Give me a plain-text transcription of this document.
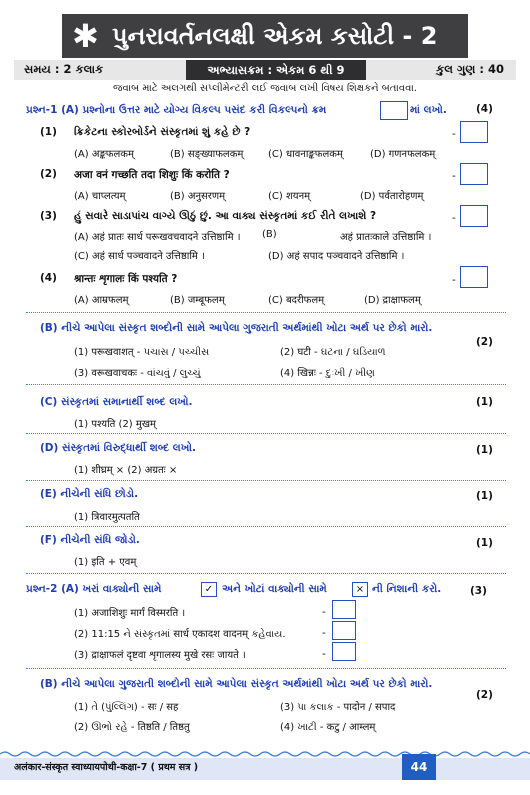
✱ પુનરાવર્તનલક્ષી એકમ કસોટી - 2
સમય : 2 કલાક	અભ્યાસક્રમ : એકમ 6 થી 9	કુલ ગુણ : 40
જવાબ માટે અલગથી સપ્લીમેન્ટરી લઈ જવાબ લખી વિષય શિક્ષકને બતાવવા.
પ્રશ્ન-1 (A) પ્રશ્નોના ઉત્તર માટે યોગ્ય વિકલ્પ પસંદ કરી વિકલ્પનો ક્રમ	માં લખો.	(4)
(1) ક્રિકેટના સ્કોરબોર્ડને સંસ્કૃતમાં શું કહે છે ?
(A) अङ्कफलकम्	(B) सङ्ख्याफलकम् (C) धावनाङ्कफलकम्	(D) गणनफलकम्
-
(2) अजा वनं गच्छति तदा शिशुः किं करोति ?
(A) चाप्लत्यम्	(B) अनुसरणम्	(C) शयनम्	(D) पर्वतारोहणम्
-
(3) હું સવારે સાડાપાંચ વાગ્યે ઊઠું છું. આ વાક્ય સંસ્કૃતમાં કઈ રીતે લખાશે ?
(A) अहं प्रातः सार्ध परूखवचवादने उत्तिष्ठामि । (B)	अहं प्रातःकाले उत्तिष्ठामि ।
(C) अहं सार्ध पञ्चवादने उत्तिष्ठामि ।	(D) अहं सपाद पञ्चवादने उत्तिष्ठामि ।
-
(4) श्रान्तः शृगालः किं पश्यति ?
(A) आम्रफलम्	(B) जम्बूफलम्	(C) बदरीफलम्	(D) द्राक्षाफलम्
-
(B) નીચે આપેલા સંસ્કૃત શબ્દોની સામે આપેલા ગુજરાતી અર્થમાંથી ખોટા અર્થ પર છેકો મારો.
(2)
(1) परूखवाशत् - પચાસ / પચ્ચીસ	(2) घटी - ઘટના / ઘડિયાળ
(3) वरूखवाचकः - વાંચવું / લુચ્ચું	(4) खिन्नः - દુઃખી / ખીણ
(C) સંસ્કૃતમાં સમાનાર્થી શબ્દ લખો.	(1)
(1) पश्यति (2) मुखम्
(D) સંસ્કૃતમાં વિરુદ્ધાર્થી શબ્દ લખો.	(1)
(1) शीघ्रम् × (2) अग्रतः ×
(E) નીચેની સંધિ છોડો.	(1)
(1) त्रिवारमुत्पतति
(F) નીચેની સંધિ જોડો.	(1)
(1) इति + एवम्
પ્રશ્ન-2 (A) ખરાં વાક્યોની સામે	✓ અને ખોટાં વાક્યોની સામે	× ની નિશાની કરો.	(3)
(1) अजाशिशुः मार्गं विस्मरति ।	-
(2) 11:15 ને સંસ્કૃતમાં सार्ध एकादश वादनम् કહેવાય.	-
(3) द्राक्षाफलं दृष्टवा शृगालस्य मुखे रसः जायते ।	-
(B) નીચે આપેલા ગુજરાતી શબ્દોની સામે આપેલા સંસ્કૃત અર્થમાંથી ખોટા અર્થ પર છેકો મારો.
(2)
(1) તે (પુંલ્લિંગ) - सः / सह	(3) પા કલાક - पादोन / सपाद
(2) ઊભો રહે - तिष्ठति / तिष्ठतु	(4) ખાટી - कटु / आम्लम्
अलंकार-संस्कृत स्वाध्यायपोथी-कक्षा-7 ( प्रथम सत्र )	44
